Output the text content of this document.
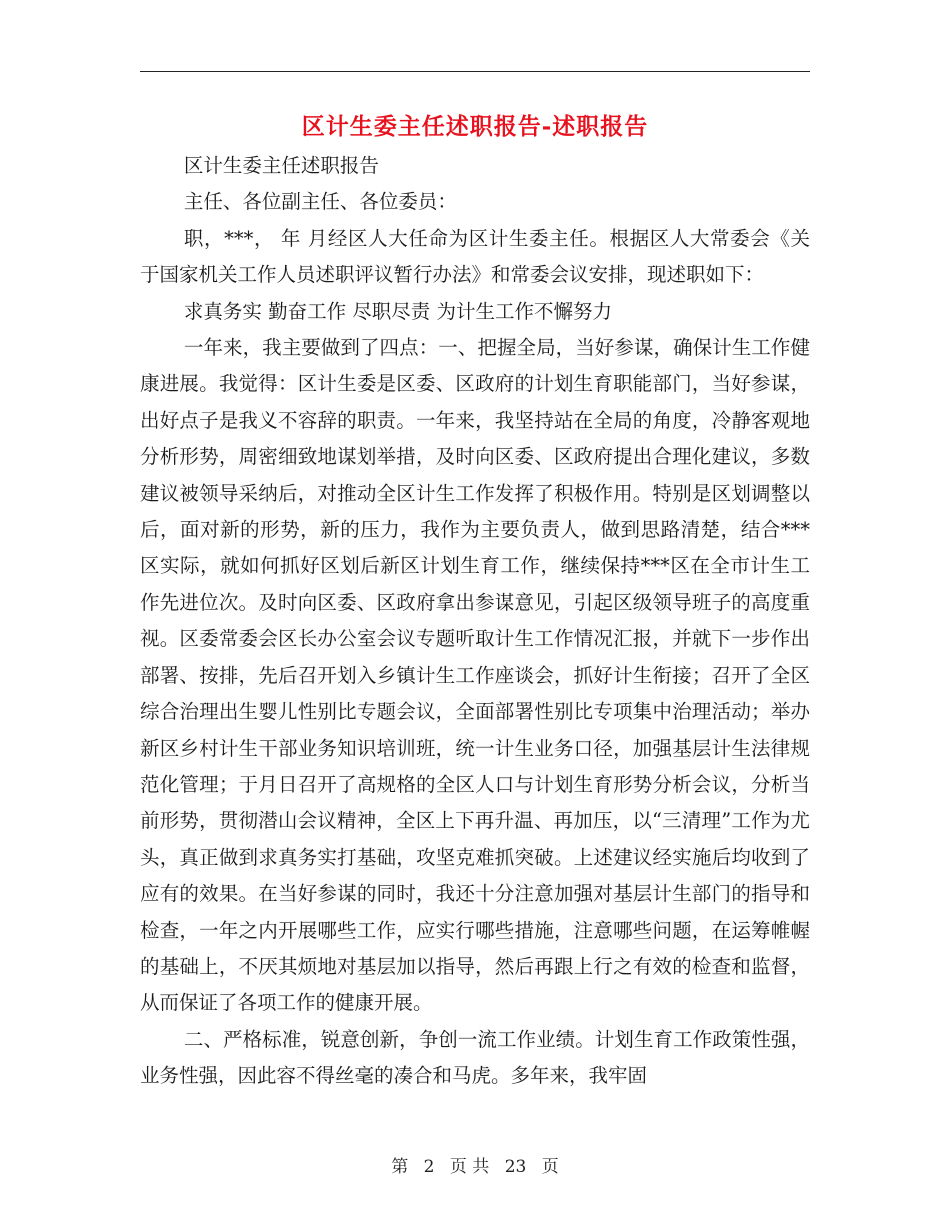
区计生委主任述职报告-述职报告

区计生委主任述职报告

主任、各位副主任、各位委员：

职，***， 年 月经区人大任命为区计生委主任。根据区人大常委会《关于国家机关工作人员述职评议暂行办法》和常委会议安排，现述职如下：

求真务实 勤奋工作 尽职尽责 为计生工作不懈努力

一年来，我主要做到了四点：一、把握全局，当好参谋，确保计生工作健康进展。我觉得：区计生委是区委、区政府的计划生育职能部门，当好参谋，出好点子是我义不容辞的职责。一年来，我坚持站在全局的角度，冷静客观地分析形势，周密细致地谋划举措，及时向区委、区政府提出合理化建议，多数建议被领导采纳后，对推动全区计生工作发挥了积极作用。特别是区划调整以后，面对新的形势，新的压力，我作为主要负责人，做到思路清楚，结合***区实际，就如何抓好区划后新区计划生育工作，继续保持***区在全市计生工作先进位次。及时向区委、区政府拿出参谋意见，引起区级领导班子的高度重视。区委常委会区长办公室会议专题听取计生工作情况汇报，并就下一步作出部署、按排，先后召开划入乡镇计生工作座谈会，抓好计生衔接；召开了全区综合治理出生婴儿性别比专题会议，全面部署性别比专项集中治理活动；举办新区乡村计生干部业务知识培训班，统一计生业务口径，加强基层计生法律规范化管理；于月日召开了高规格的全区人口与计划生育形势分析会议，分析当前形势，贯彻潜山会议精神，全区上下再升温、再加压，以“三清理”工作为尤头，真正做到求真务实打基础，攻坚克难抓突破。上述建议经实施后均收到了应有的效果。在当好参谋的同时，我还十分注意加强对基层计生部门的指导和检查，一年之内开展哪些工作，应实行哪些措施，注意哪些问题，在运筹帷幄的基础上，不厌其烦地对基层加以指导，然后再跟上行之有效的检查和监督，从而保证了各项工作的健康开展。

二、严格标准，锐意创新，争创一流工作业绩。计划生育工作政策性强，业务性强，因此容不得丝毫的凑合和马虎。多年来，我牢固

第 2 页 共 23 页
